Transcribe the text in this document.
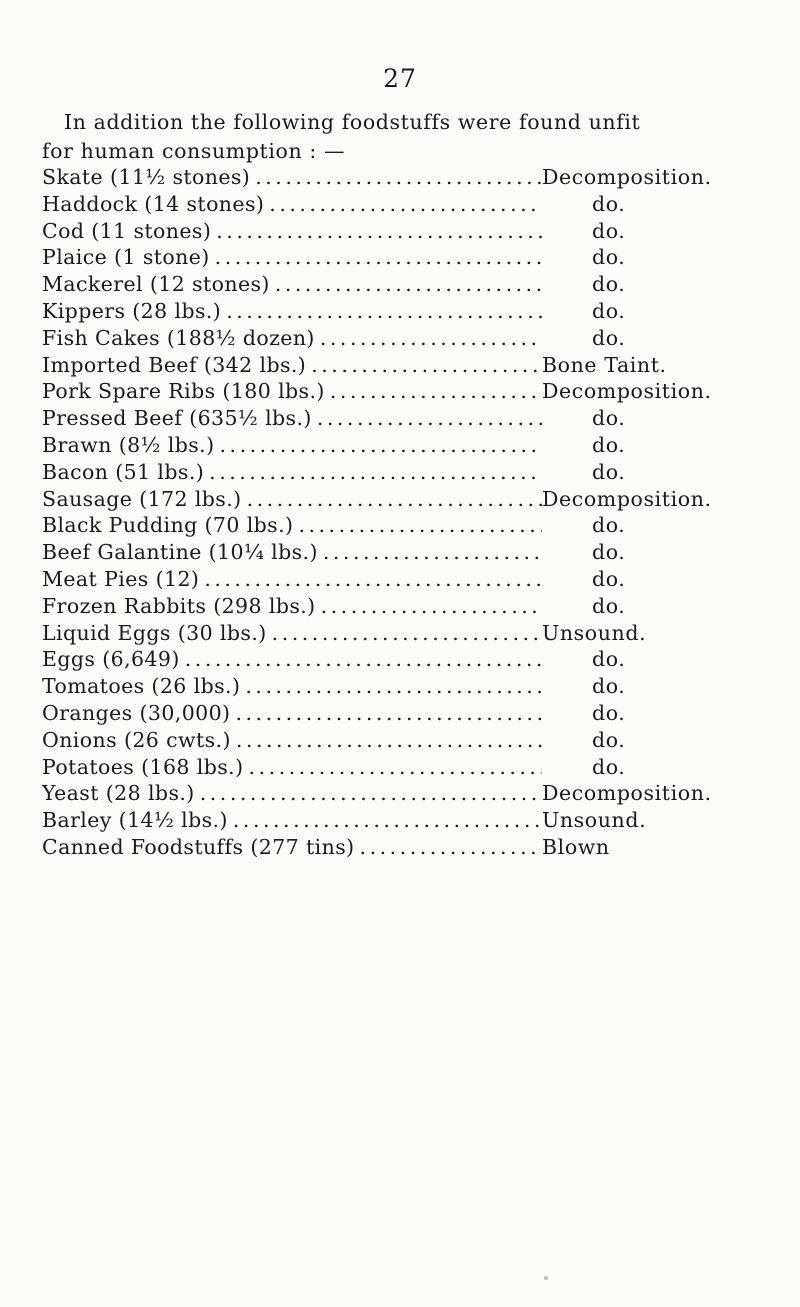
27
In addition the following foodstuffs were found unfit
for human consumption : —
Skate (11½ stones) . . .	Decomposition.
Haddock (14 stones) . . .	do.
Cod (11 stones) . . .	do.
Plaice (1 stone) . . .	do.
Mackerel (12 stones) . . .	do.
Kippers (28 lbs.) . . .	do.
Fish Cakes (188½ dozen) . . .	do.
Imported Beef (342 lbs.) . . .	Bone Taint.
Pork Spare Ribs (180 lbs.) . . .	Decomposition.
Pressed Beef (635½ lbs.) . . .	do.
Brawn (8½ lbs.) . . .	do.
Bacon (51 lbs.) . . .	do.
Sausage (172 lbs.) . . .	Decomposition.
Black Pudding (70 lbs.) . . .	do.
Beef Galantine (10¼ lbs.) . . .	do.
Meat Pies (12) . . .	do.
Frozen Rabbits (298 lbs.) . . .	do.
Liquid Eggs (30 lbs.) . . .	Unsound.
Eggs (6,649) . . .	do.
Tomatoes (26 lbs.) . . .	do.
Oranges (30,000) . . .	do.
Onions (26 cwts.) . . .	do.
Potatoes (168 lbs.) . . .	do.
Yeast (28 lbs.) . . .	Decomposition.
Barley (14½ lbs.) . . .	Unsound.
Canned Foodstuffs (277 tins) . . .	Blown
